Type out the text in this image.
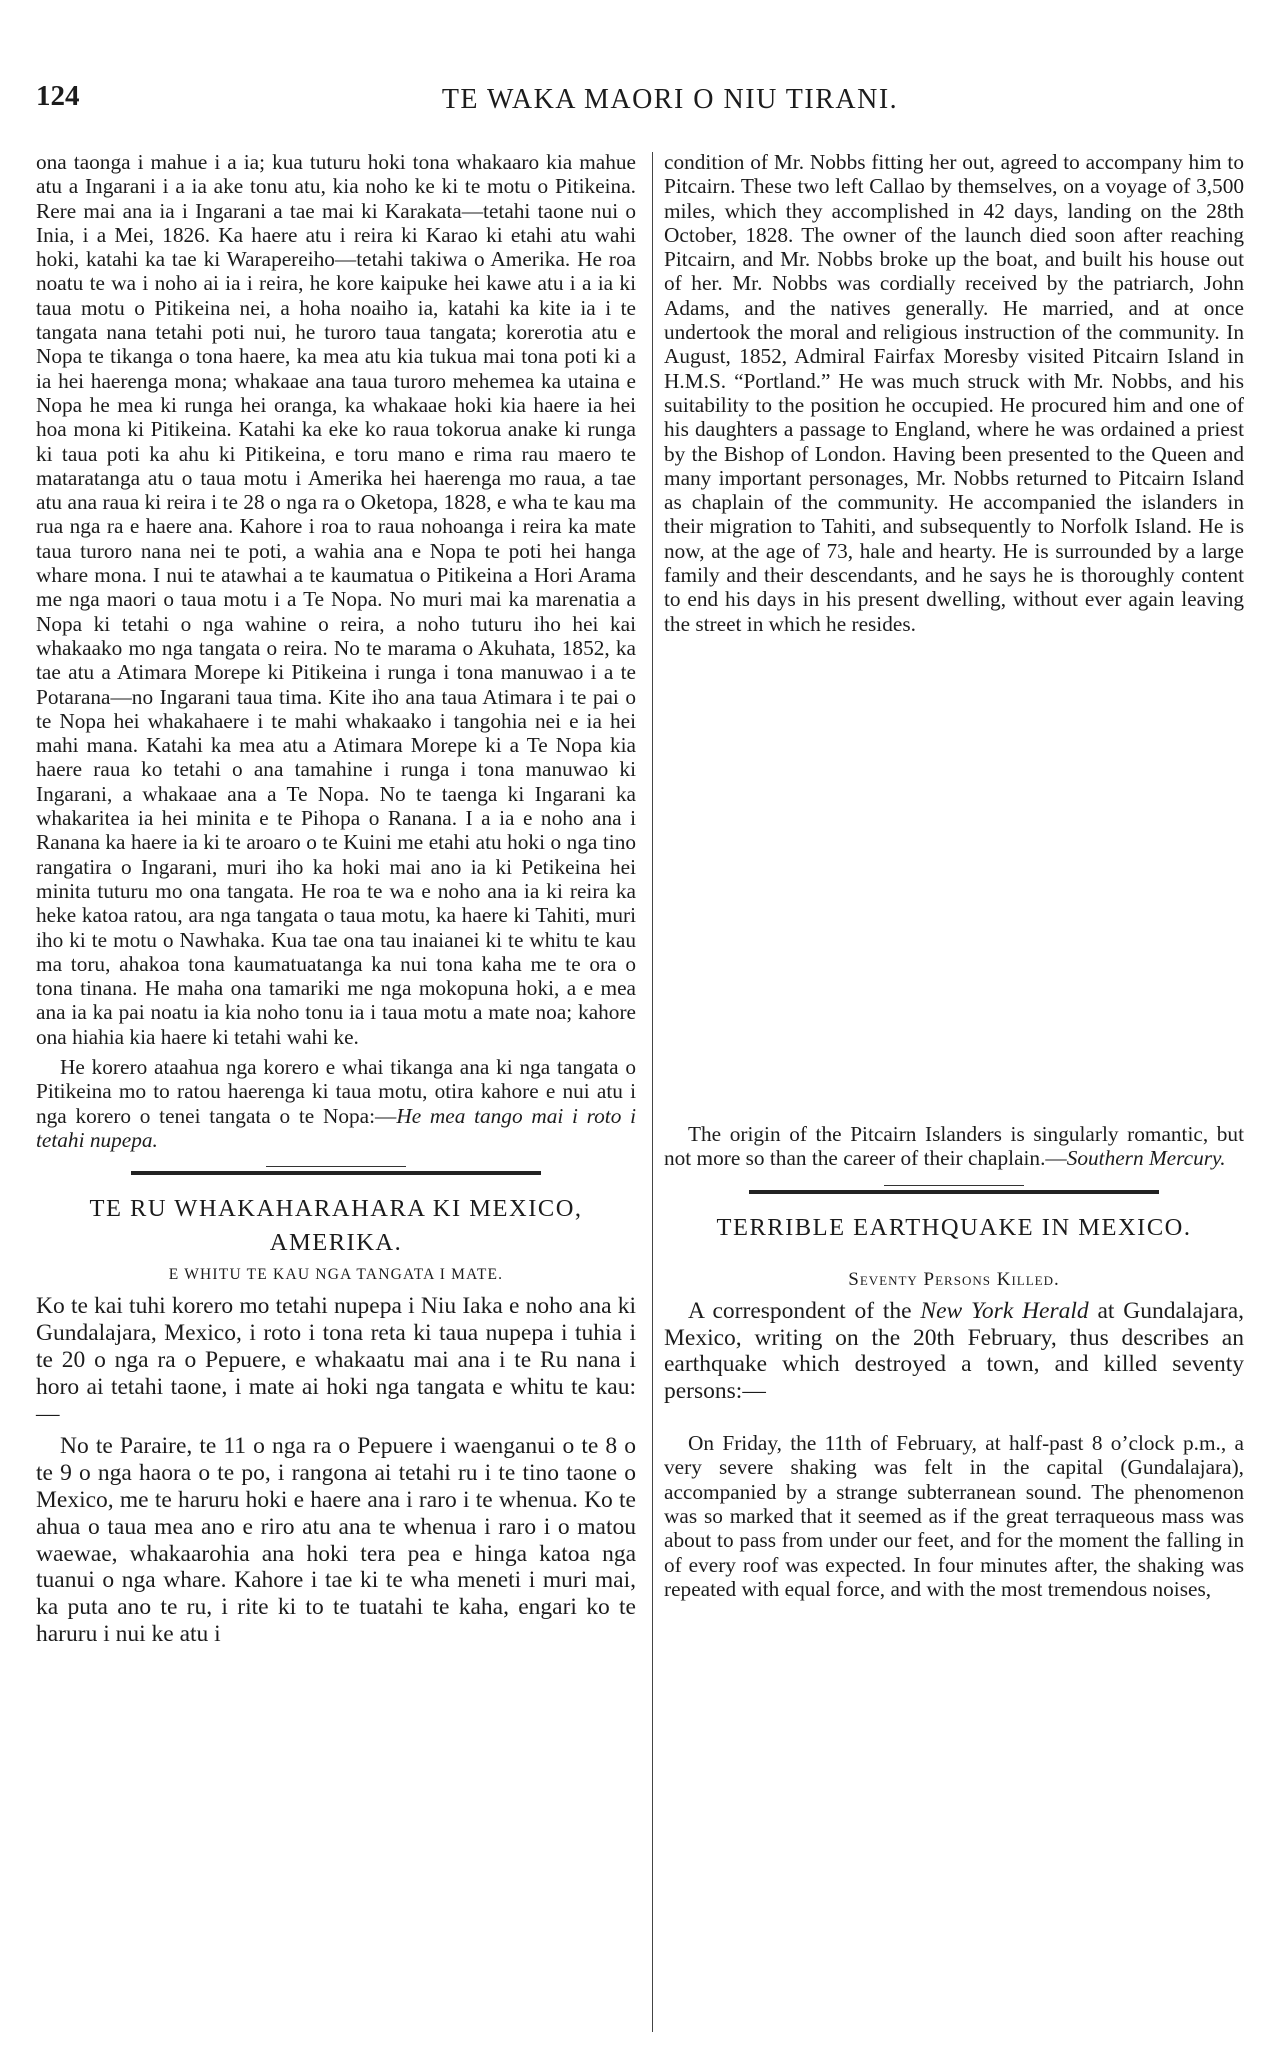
124	TE WAKA MAORI O NIU TIRANI.

ona taonga i mahue i a ia; kua tuturu hoki tona whakaaro kia mahue atu a Ingarani i a ia ake tonu atu, kia noho ke ki te motu o Pitikeina. Rere mai ana ia i Ingarani a tae mai ki Karakata—tetahi taone nui o Inia, i a Mei, 1826. Ka haere atu i reira ki Karao ki etahi atu wahi hoki, katahi ka tae ki Warapereiho—tetahi takiwa o Amerika. He roa noatu te wa i noho ai ia i reira, he kore kaipuke hei kawe atu i a ia ki taua motu o Pitikeina nei, a hoha noaiho ia, katahi ka kite ia i te tangata nana tetahi poti nui, he turoro taua tangata; korerotia atu e Nopa te tikanga o tona haere, ka mea atu kia tukua mai tona poti ki a ia hei haerenga mona; whakaae ana taua turoro mehemea ka utaina e Nopa he mea ki runga hei oranga, ka whakaae hoki kia haere ia hei hoa mona ki Pitikeina. Katahi ka eke ko raua tokorua anake ki runga ki taua poti ka ahu ki Pitikeina, e toru mano e rima rau maero te mataratanga atu o taua motu i Amerika hei haerenga mo raua, a tae atu ana raua ki reira i te 28 o nga ra o Oketopa, 1828, e wha te kau ma rua nga ra e haere ana. Kahore i roa to raua nohoanga i reira ka mate taua turoro nana nei te poti, a wahia ana e Nopa te poti hei hanga whare mona. I nui te atawhai a te kaumatua o Pitikeina a Hori Arama me nga maori o taua motu i a Te Nopa. No muri mai ka marenatia a Nopa ki tetahi o nga wahine o reira, a noho tuturu iho hei kai whakaako mo nga tangata o reira. No te marama o Akuhata, 1852, ka tae atu a Atimara Morepe ki Pitikeina i runga i tona manuwao i a te Potarana—no Ingarani taua tima. Kite iho ana taua Atimara i te pai o te Nopa hei whakahaere i te mahi whakaako i tangohia nei e ia hei mahi mana. Katahi ka mea atu a Atimara Morepe ki a Te Nopa kia haere raua ko tetahi o ana tamahine i runga i tona manuwao ki Ingarani, a whakaae ana a Te Nopa. No te taenga ki Ingarani ka whakaritea ia hei minita e te Pihopa o Ranana. I a ia e noho ana i Ranana ka haere ia ki te aroaro o te Kuini me etahi atu hoki o nga tino rangatira o Ingarani, muri iho ka hoki mai ano ia ki Petikeina hei minita tuturu mo ona tangata. He roa te wa e noho ana ia ki reira ka heke katoa ratou, ara nga tangata o taua motu, ka haere ki Tahiti, muri iho ki te motu o Nawhaka. Kua tae ona tau inaianei ki te whitu te kau ma toru, ahakoa tona kaumatuatanga ka nui tona kaha me te ora o tona tinana. He maha ona tamariki me nga mokopuna hoki, a e mea ana ia ka pai noatu ia kia noho tonu ia i taua motu a mate noa; kahore ona hiahia kia haere ki tetahi wahi ke.

He korero ataahua nga korero e whai tikanga ana ki nga tangata o Pitikeina mo to ratou haerenga ki taua motu, otira kahore e nui atu i nga korero o tenei tangata o te Nopa:—He mea tango mai i roto i tetahi nupepa.

TE RU WHAKAHARAHARA KI MEXICO,

AMERIKA.

E WHITU TE KAU NGA TANGATA I MATE.

Ko te kai tuhi korero mo tetahi nupepa i Niu Iaka e noho ana ki Gundalajara, Mexico, i roto i tona reta ki taua nupepa i tuhia i te 20 o nga ra o Pepuere, e whakaatu mai ana i te Ru nana i horo ai tetahi taone, i mate ai hoki nga tangata e whitu te kau:—

No te Paraire, te 11 o nga ra o Pepuere i waenganui o te 8 o te 9 o nga haora o te po, i rangona ai tetahi ru i te tino taone o Mexico, me te haruru hoki e haere ana i raro i te whenua. Ko te ahua o taua mea ano e riro atu ana te whenua i raro i o matou waewae, whakaarohia ana hoki tera pea e hinga katoa nga tuanui o nga whare. Kahore i tae ki te wha meneti i muri mai, ka puta ano te ru, i rite ki to te tuatahi te kaha, engari ko te haruru i nui ke atu i

condition of Mr. Nobbs fitting her out, agreed to accompany him to Pitcairn. These two left Callao by themselves, on a voyage of 3,500 miles, which they accomplished in 42 days, landing on the 28th October, 1828. The owner of the launch died soon after reaching Pitcairn, and Mr. Nobbs broke up the boat, and built his house out of her. Mr. Nobbs was cordially received by the patriarch, John Adams, and the natives generally. He married, and at once undertook the moral and religious instruction of the community. In August, 1852, Admiral Fairfax Moresby visited Pitcairn Island in H.M.S. “Portland.” He was much struck with Mr. Nobbs, and his suitability to the position he occupied. He procured him and one of his daughters a passage to England, where he was ordained a priest by the Bishop of London. Having been presented to the Queen and many important personages, Mr. Nobbs returned to Pitcairn Island as chaplain of the community. He accompanied the islanders in their migration to Tahiti, and subsequently to Norfolk Island. He is now, at the age of 73, hale and hearty. He is surrounded by a large family and their descendants, and he says he is thoroughly content to end his days in his present dwelling, without ever again leaving the street in which he resides.

The origin of the Pitcairn Islanders is singularly romantic, but not more so than the career of their chaplain.—Southern Mercury.

TERRIBLE EARTHQUAKE IN MEXICO.

Seventy Persons Killed.

A correspondent of the New York Herald at Gundalajara, Mexico, writing on the 20th February, thus describes an earthquake which destroyed a town, and killed seventy persons:—

On Friday, the 11th of February, at half-past 8 o’clock p.m., a very severe shaking was felt in the capital (Gundalajara), accompanied by a strange subterranean sound. The phenomenon was so marked that it seemed as if the great terraqueous mass was about to pass from under our feet, and for the moment the falling in of every roof was expected. In four minutes after, the shaking was repeated with equal force, and with the most tremendous noises,
